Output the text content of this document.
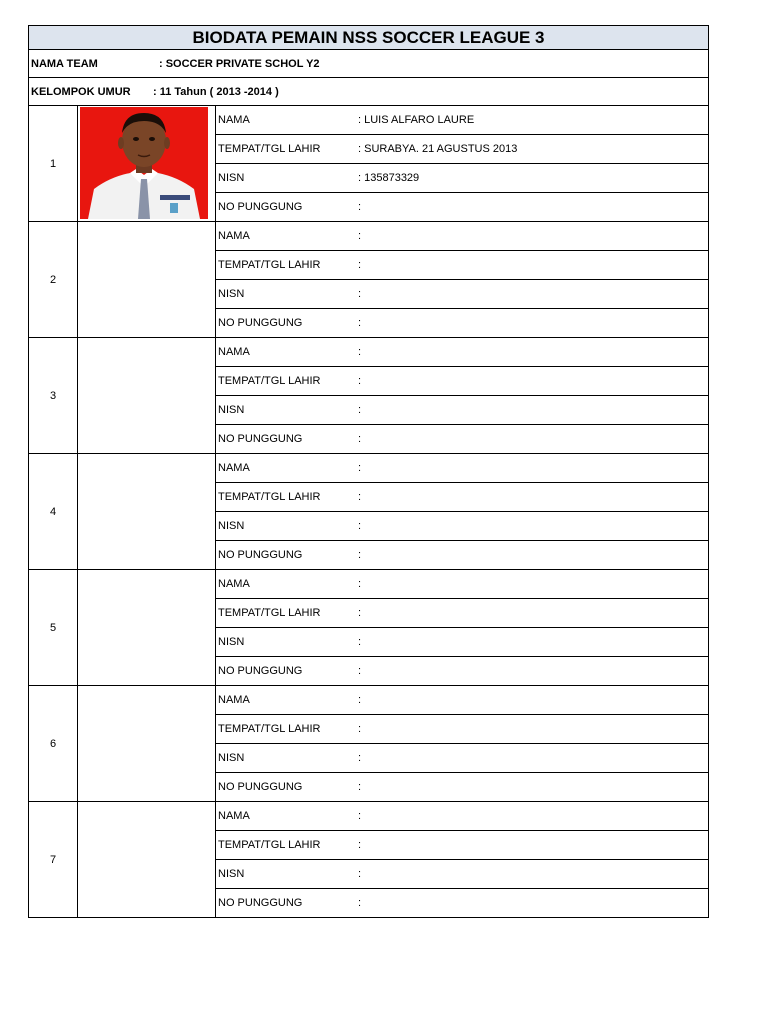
BIODATA PEMAIN NSS SOCCER LEAGUE 3
NAMA TEAM	: SOCCER PRIVATE SCHOL Y2
KELOMPOK UMUR	: 11 Tahun ( 2013 -2014 )
1
NAMA	: LUIS ALFARO LAURE
TEMPAT/TGL LAHIR	: SURABYA. 21 AGUSTUS 2013
NISN	: 135873329
NO PUNGGUNG	:
2
NAMA	:
TEMPAT/TGL LAHIR	:
NISN	:
NO PUNGGUNG	:
3
NAMA	:
TEMPAT/TGL LAHIR	:
NISN	:
NO PUNGGUNG	:
4
NAMA	:
TEMPAT/TGL LAHIR	:
NISN	:
NO PUNGGUNG	:
5
NAMA	:
TEMPAT/TGL LAHIR	:
NISN	:
NO PUNGGUNG	:
6
NAMA	:
TEMPAT/TGL LAHIR	:
NISN	:
NO PUNGGUNG	:
7
NAMA	:
TEMPAT/TGL LAHIR	:
NISN	:
NO PUNGGUNG	:
